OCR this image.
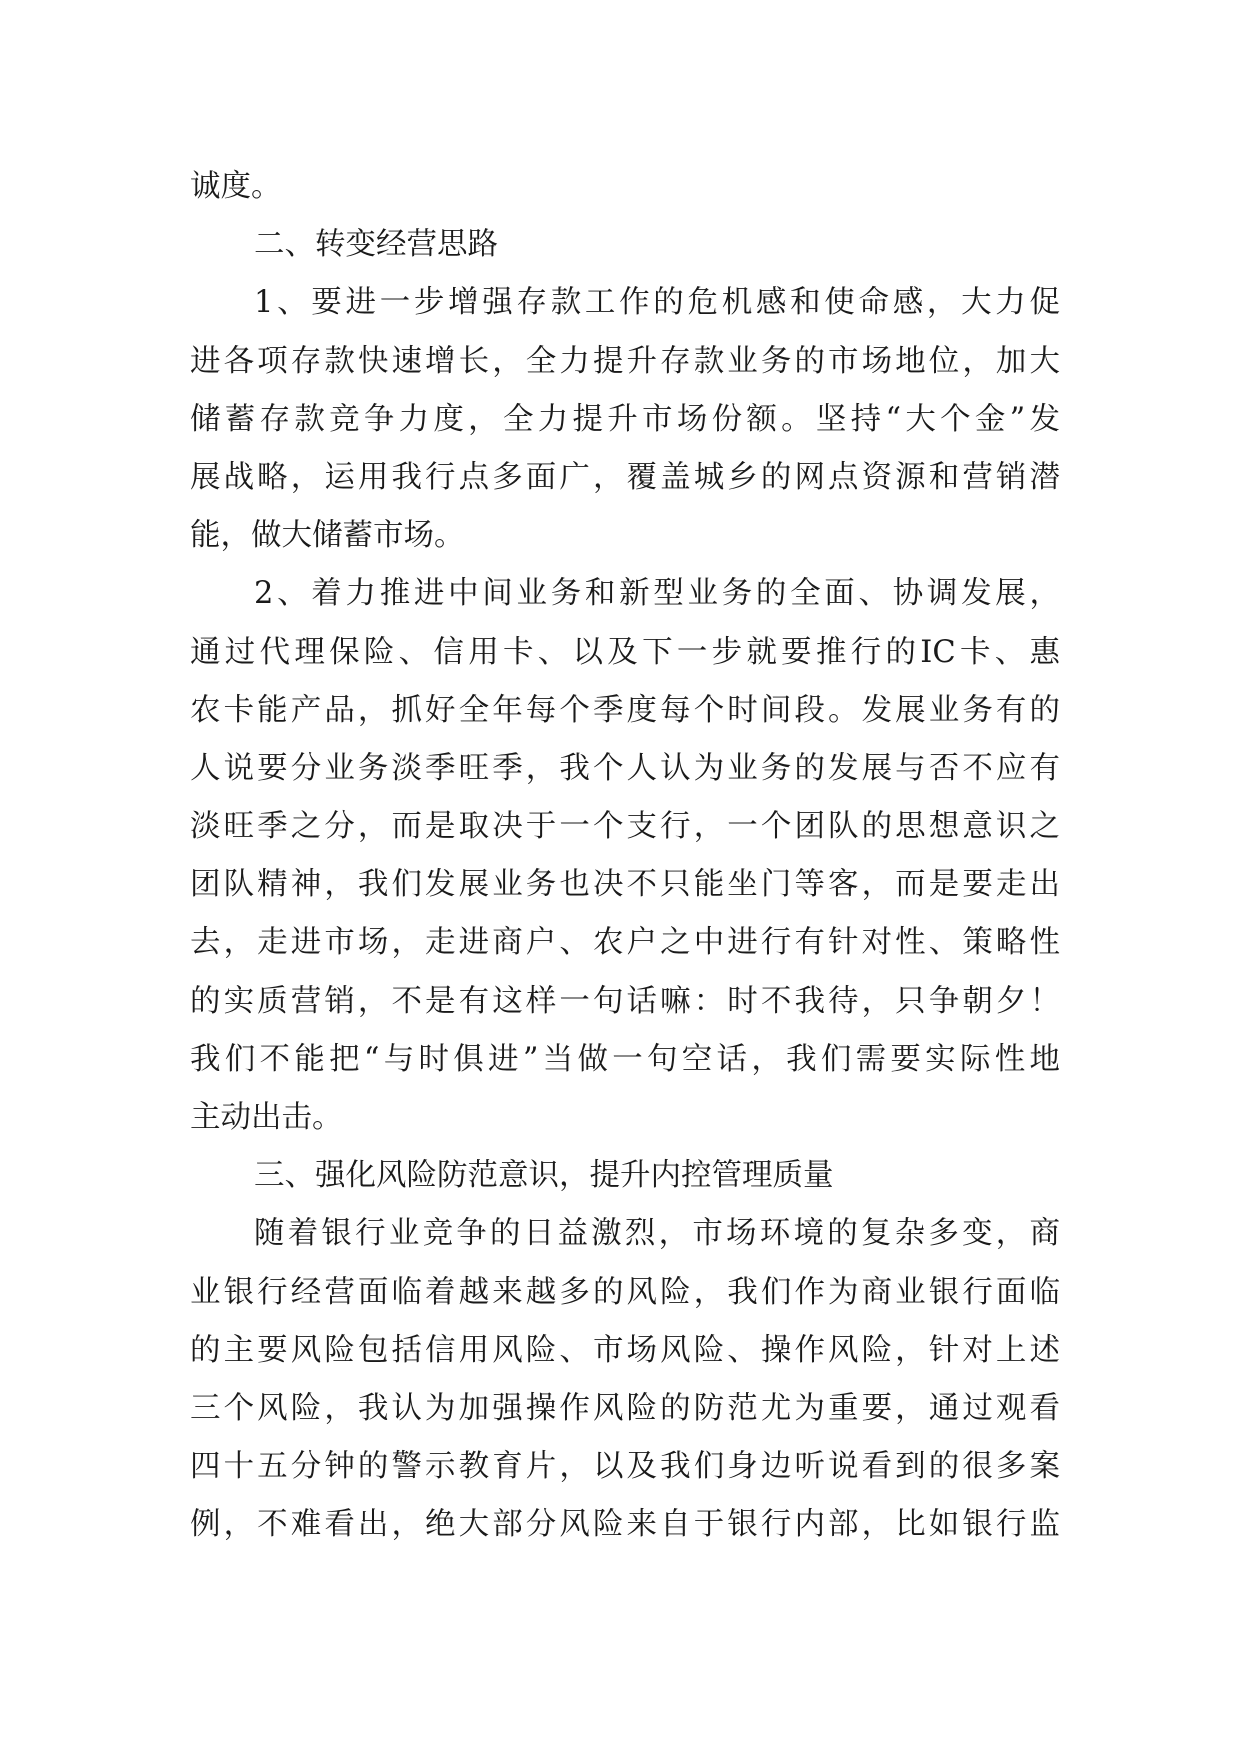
诚度。
二、转变经营思路
1、要进一步增强存款工作的危机感和使命感，大力促
进各项存款快速增长，全力提升存款业务的市场地位，加大
储蓄存款竞争力度，全力提升市场份额。坚持“大个金”发
展战略，运用我行点多面广，覆盖城乡的网点资源和营销潜
能，做大储蓄市场。
2、着力推进中间业务和新型业务的全面、协调发展，
通过代理保险、信用卡、以及下一步就要推行的IC卡、惠
农卡能产品，抓好全年每个季度每个时间段。发展业务有的
人说要分业务淡季旺季，我个人认为业务的发展与否不应有
淡旺季之分，而是取决于一个支行，一个团队的思想意识之
团队精神，我们发展业务也决不只能坐门等客，而是要走出
去，走进市场，走进商户、农户之中进行有针对性、策略性
的实质营销，不是有这样一句话嘛：时不我待，只争朝夕！
我们不能把“与时俱进”当做一句空话，我们需要实际性地
主动出击。
三、强化风险防范意识，提升内控管理质量
随着银行业竞争的日益激烈，市场环境的复杂多变，商
业银行经营面临着越来越多的风险，我们作为商业银行面临
的主要风险包括信用风险、市场风险、操作风险，针对上述
三个风险，我认为加强操作风险的防范尤为重要，通过观看
四十五分钟的警示教育片，以及我们身边听说看到的很多案
例，不难看出，绝大部分风险来自于银行内部，比如银行监
